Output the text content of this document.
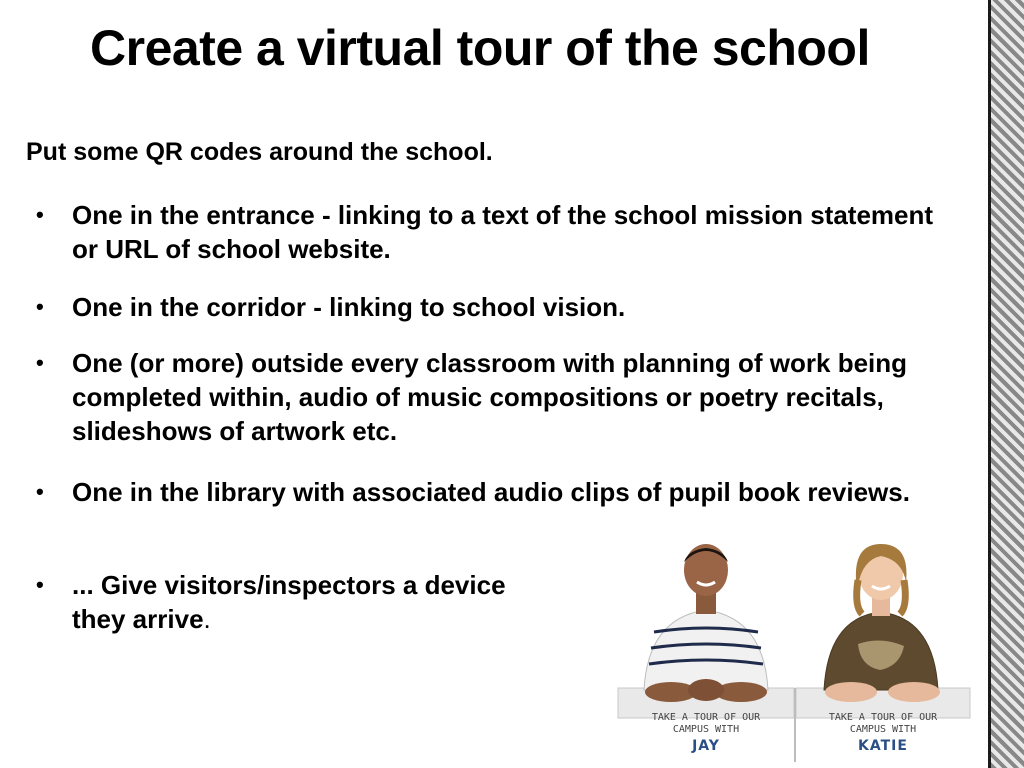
Create a virtual tour of the school
Put some QR codes around the school.
• One in the entrance - linking to a text of the school mission statement or URL of school website.
• One in the corridor - linking to school vision.
• One (or more) outside every classroom with planning of work being completed within, audio of music compositions or poetry recitals, slideshows of artwork etc.
• One in the library with associated audio clips of pupil book reviews.
• ... Give visitors/inspectors a device

they arrive.
TAKE A TOUR OF OUR
CAMPUS WITH
JAY
TAKE A TOUR OF OUR
CAMPUS WITH
KATIE
